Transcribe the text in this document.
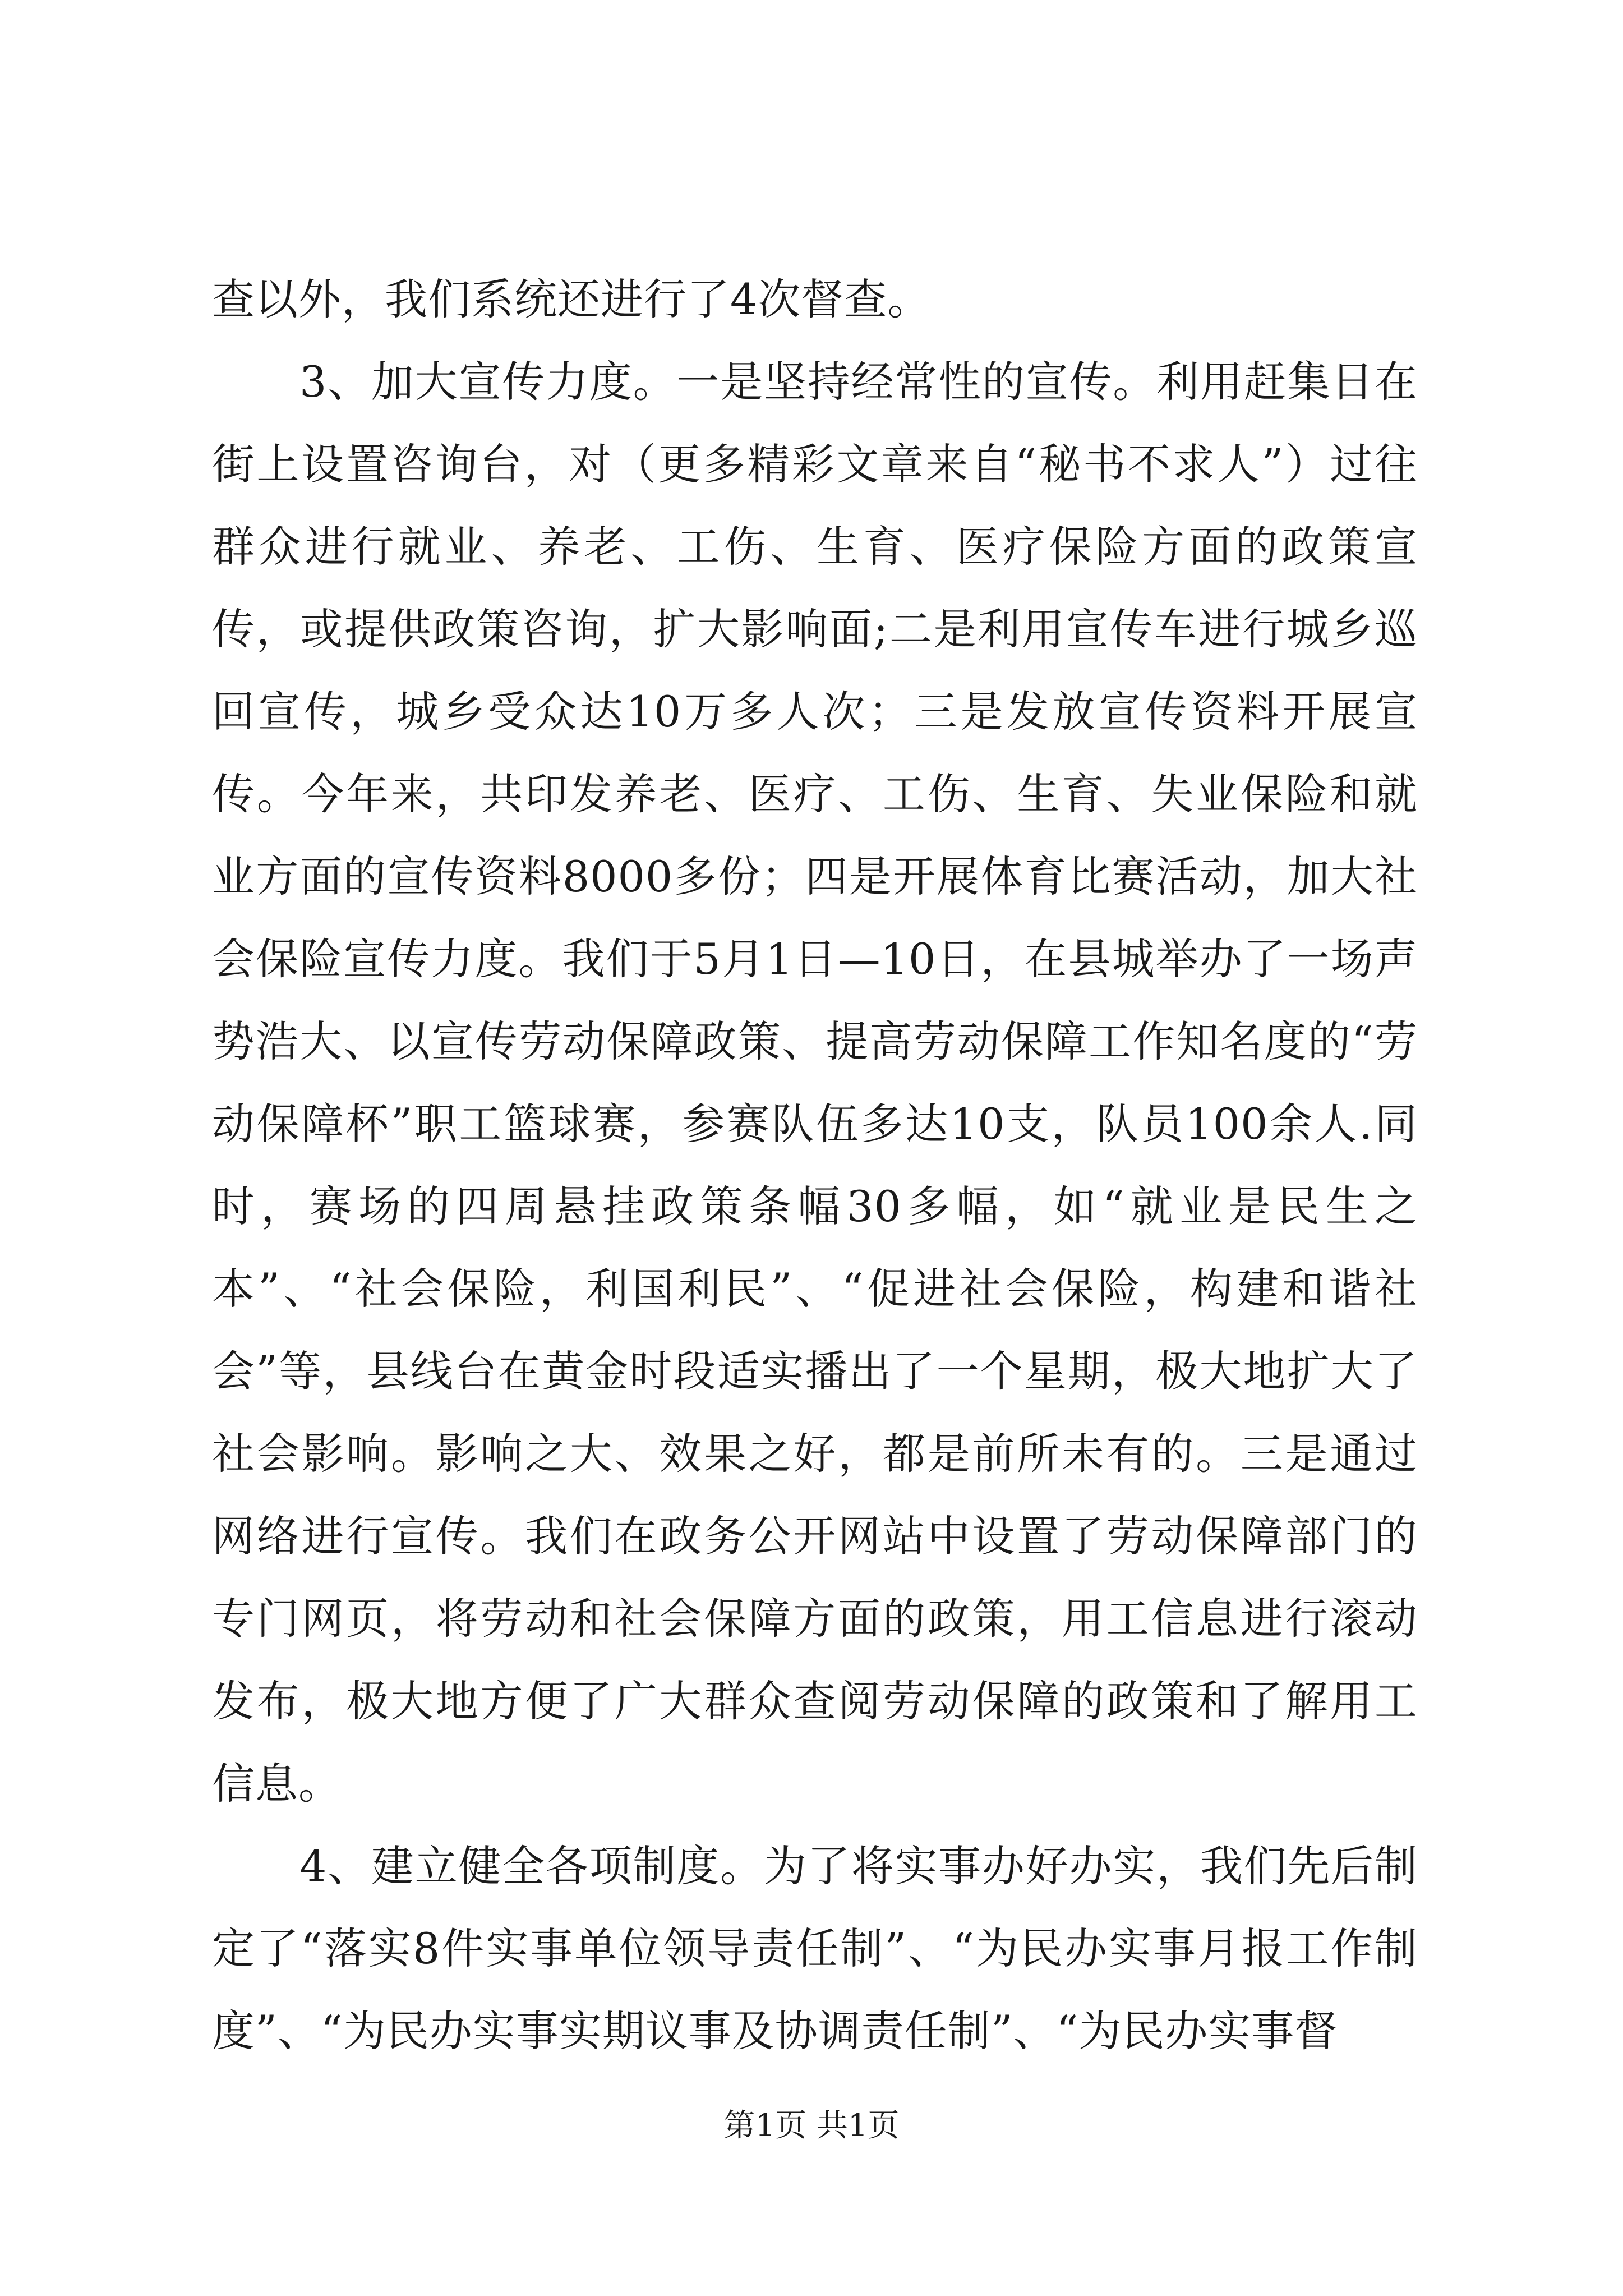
查以外，我们系统还进行了4次督查。

3、加大宣传力度。一是坚持经常性的宣传。利用赶集日在街上设置咨询台，对（更多精彩文章来自“秘书不求人”）过往群众进行就业、养老、工伤、生育、医疗保险方面的政策宣传，或提供政策咨询，扩大影响面;二是利用宣传车进行城乡巡回宣传，城乡受众达10万多人次；三是发放宣传资料开展宣传。今年来，共印发养老、医疗、工伤、生育、失业保险和就业方面的宣传资料8000多份；四是开展体育比赛活动，加大社会保险宣传力度。我们于5月1日—10日，在县城举办了一场声势浩大、以宣传劳动保障政策、提高劳动保障工作知名度的“劳动保障杯”职工篮球赛，参赛队伍多达10支，队员100余人.同时，赛场的四周悬挂政策条幅30多幅，如“就业是民生之本”、“社会保险，利国利民”、“促进社会保险，构建和谐社会”等，县线台在黄金时段适实播出了一个星期，极大地扩大了社会影响。影响之大、效果之好，都是前所未有的。三是通过网络进行宣传。我们在政务公开网站中设置了劳动保障部门的专门网页，将劳动和社会保障方面的政策，用工信息进行滚动发布，极大地方便了广大群众查阅劳动保障的政策和了解用工信息。

4、建立健全各项制度。为了将实事办好办实，我们先后制定了“落实8件实事单位领导责任制”、“为民办实事月报工作制度”、“为民办实事实期议事及协调责任制”、“为民办实事督

第1页 共1页
